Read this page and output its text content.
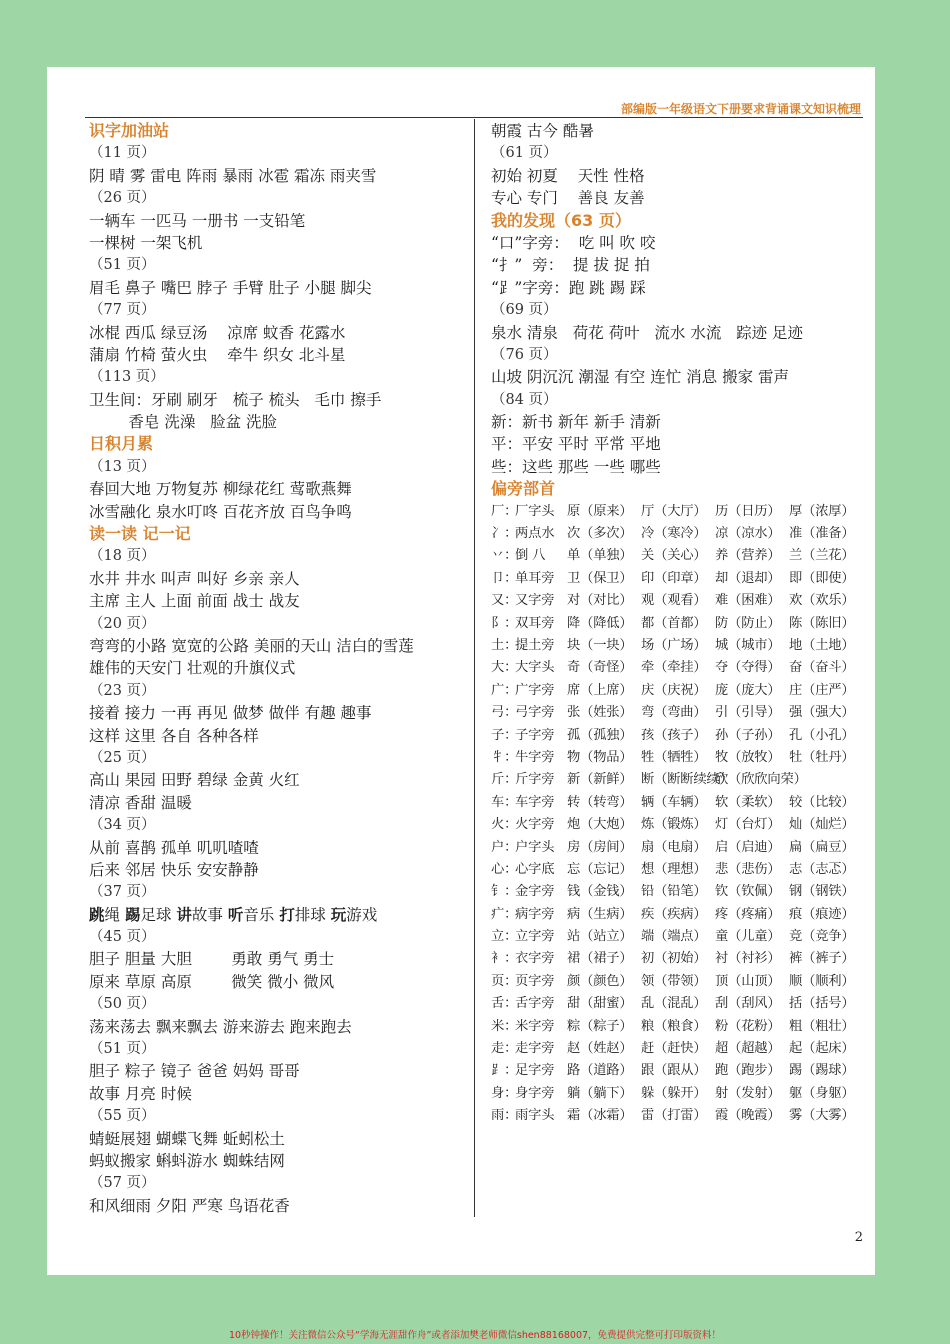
部编版一年级语文下册要求背诵课文知识梳理
识字加油站
（11 页）
阴 晴 雾 雷电 阵雨 暴雨 冰雹 霜冻 雨夹雪
（26 页）
一辆车 一匹马 一册书 一支铅笔
一棵树 一架飞机
（51 页）
眉毛 鼻子 嘴巴 脖子 手臂 肚子 小腿 脚尖
（77 页）
冰棍 西瓜 绿豆汤    凉席 蚊香 花露水
蒲扇 竹椅 萤火虫    牵牛 织女 北斗星
（113 页）
卫生间：牙刷 刷牙   梳子 梳头   毛巾 擦手
香皂 洗澡   脸盆 洗脸
日积月累
（13 页）
春回大地 万物复苏 柳绿花红 莺歌燕舞
冰雪融化 泉水叮咚 百花齐放 百鸟争鸣
读一读 记一记
（18 页）
水井 井水 叫声 叫好 乡亲 亲人
主席 主人 上面 前面 战士 战友
（20 页）
弯弯的小路 宽宽的公路 美丽的天山 洁白的雪莲
雄伟的天安门 壮观的升旗仪式
（23 页）
接着 接力 一再 再见 做梦 做伴 有趣 趣事
这样 这里 各自 各种各样
（25 页）
高山 果园 田野 碧绿 金黄 火红
清凉 香甜 温暖
（34 页）
从前 喜鹊 孤单 叽叽喳喳
后来 邻居 快乐 安安静静
（37 页）
跳绳 踢足球 讲故事 听音乐 打排球 玩游戏
（45 页）
胆子 胆量 大胆        勇敢 勇气 勇士
原来 草原 高原        微笑 微小 微风
（50 页）
荡来荡去 飘来飘去 游来游去 跑来跑去
（51 页）
胆子 粽子 镜子 爸爸 妈妈 哥哥
故事 月亮 时候
（55 页）
蜻蜓展翅 蝴蝶飞舞 蚯蚓松土
蚂蚁搬家 蝌蚪游水 蜘蛛结网
（57 页）
和风细雨 夕阳 严寒 鸟语花香
朝霞 古今 酷暑
（61 页）
初始 初夏    天性 性格
专心 专门    善良 友善
我的发现（63 页）
“口”字旁：  吃 叫 吹 咬
“扌”  旁：  提 拔 捉 拍
“⻊”字旁：跑 跳 踢 踩
（69 页）
泉水 清泉   荷花 荷叶   流水 水流   踪迹 足迹
（76 页）
山坡 阴沉沉 潮湿 有空 连忙 消息 搬家 雷声
（84 页）
新：新书 新年 新手 清新
平：平安 平时 平常 平地
些：这些 那些 一些 哪些
偏旁部首
厂：厂字头 原（原来） 厅（大厅） 历（日历） 厚（浓厚）
冫：两点水 次（多次） 冷（寒冷） 凉（凉水） 准（准备）
丷：倒 八 单（单独） 关（关心） 养（营养） 兰（兰花）
卩：单耳旁 卫（保卫） 印（印章） 却（退却） 即（即使）
又：又字旁 对（对比） 观（观看） 难（困难） 欢（欢乐）
阝：双耳旁 降（降低） 都（首都） 防（防止） 陈（陈旧）
土：提土旁 块（一块） 场（广场） 城（城市） 地（土地）
大：大字头 奇（奇怪） 牵（牵挂） 夺（夺得） 奋（奋斗）
广：广字旁 席（上席） 庆（庆祝） 庞（庞大） 庄（庄严）
弓：弓字旁 张（姓张） 弯（弯曲） 引（引导） 强（强大）
子：子字旁 孤（孤独） 孩（孩子） 孙（子孙） 孔（小孔）
牜：牛字旁 物（物品） 牲（牺牲） 牧（放牧） 牡（牡丹）
斤：斤字旁 新（新鲜） 断（断断续续）欣（欣欣向荣）
车：车字旁 转（转弯） 辆（车辆） 软（柔软） 较（比较）
火：火字旁 炮（大炮） 炼（锻炼） 灯（台灯） 灿（灿烂）
户：户字头 房（房间） 扇（电扇） 启（启迪） 扁（扁豆）
心：心字底 忘（忘记） 想（理想） 悲（悲伤） 志（志忑）
钅：金字旁 钱（金钱） 铅（铅笔） 钦（钦佩） 钢（钢铁）
疒：病字旁 病（生病） 疾（疾病） 疼（疼痛） 痕（痕迹）
立：立字旁 站（站立） 端（端点） 童（儿童） 竞（竞争）
衤：衣字旁 裙（裙子） 初（初始） 衬（衬衫） 裤（裤子）
页：页字旁 颜（颜色） 领（带领） 顶（山顶） 顺（顺利）
舌：舌字旁 甜（甜蜜） 乱（混乱） 刮（刮风） 括（括号）
米：米字旁 粽（粽子） 粮（粮食） 粉（花粉） 粗（粗壮）
走：走字旁 赵（姓赵） 赶（赶快） 超（超越） 起（起床）
⻊：足字旁 路（道路） 跟（跟从） 跑（跑步） 踢（踢球）
身：身字旁 躺（躺下） 躲（躲开） 射（发射） 躯（身躯）
雨：雨字头 霜（冰霜） 雷（打雷） 霞（晚霞） 雾（大雾）
2
10秒钟操作！关注微信公众号“学海无涯甜作舟”或者添加樊老师微信shen88168007，免费提供完整可打印版资料！
